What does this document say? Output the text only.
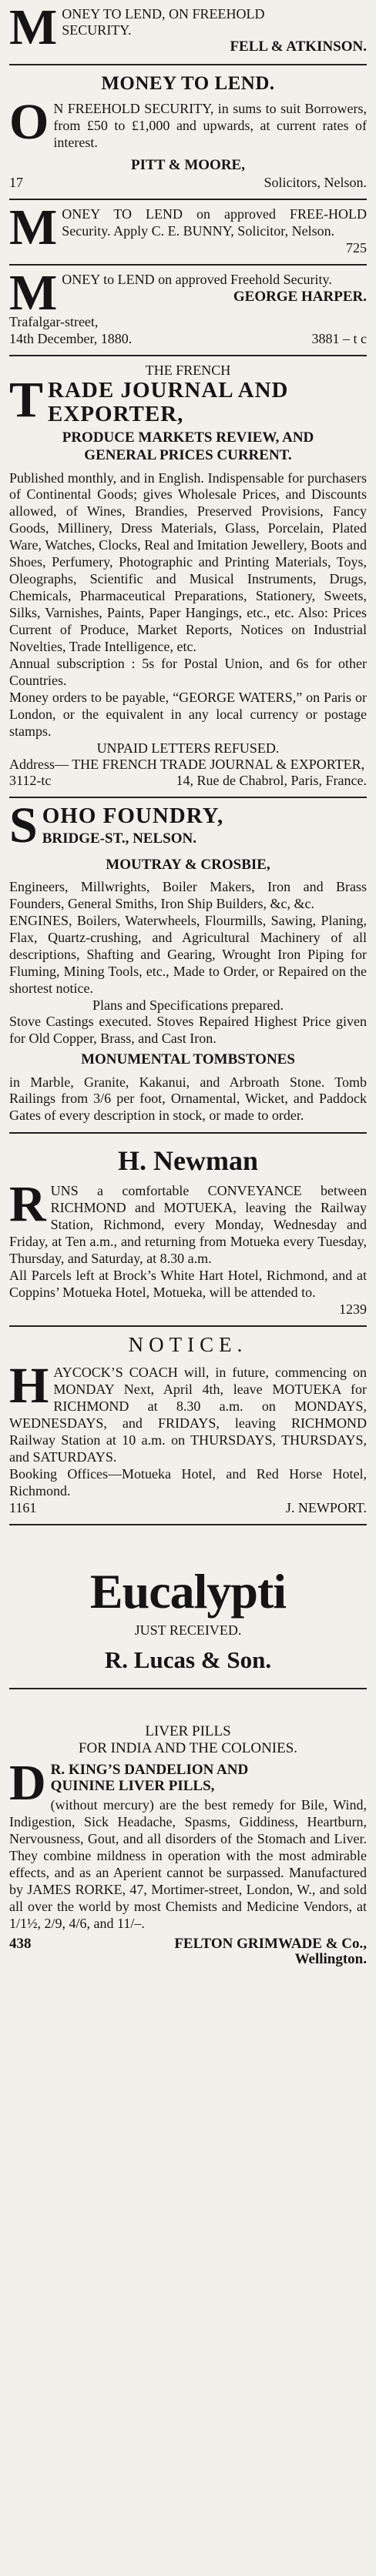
M ONEY TO LEND, ON FREEHOLD
SECURITY.
FELL & ATKINSON.
MONEY TO LEND.
O N FREEHOLD SECURITY, in sums to suit Borrowers, from £50 to £1,000 and upwards, at current rates of interest.
PITT & MOORE,
17	Solicitors, Nelson.
M ONEY TO LEND on approved FREE-HOLD Security. Apply C. E. BUNNY, Solicitor, Nelson.
725
M ONEY to LEND on approved Freehold Security.
GEORGE HARPER.
Trafalgar-street,
14th December, 1880.	3881 – t c
THE FRENCH
T RADE JOURNAL AND
EXPORTER,
PRODUCE MARKETS REVIEW, AND
GENERAL PRICES CURRENT.
Published monthly, and in English. Indispensable for purchasers of Continental Goods; gives Wholesale Prices, and Discounts allowed, of Wines, Brandies, Preserved Provisions, Fancy Goods, Millinery, Dress Materials, Glass, Porcelain, Plated Ware, Watches, Clocks, Real and Imitation Jewellery, Boots and Shoes, Perfumery, Photographic and Printing Materials, Toys, Oleographs, Scientific and Musical Instruments, Drugs, Chemicals, Pharmaceutical Preparations, Stationery, Sweets, Silks, Varnishes, Paints, Paper Hangings, etc., etc. Also: Prices Current of Produce, Market Reports, Notices on Industrial Novelties, Trade Intelligence, etc.
Annual subscription : 5s for Postal Union, and 6s for other Countries.
Money orders to be payable, “GEORGE WATERS,” on Paris or London, or the equivalent in any local currency or postage stamps.
UNPAID LETTERS REFUSED.
Address— THE FRENCH TRADE JOURNAL & EXPORTER,
3112-tc	14, Rue de Chabrol, Paris, France.
S OHO FOUNDRY,
BRIDGE-ST., NELSON.
MOUTRAY & CROSBIE,
Engineers, Millwrights, Boiler Makers, Iron and Brass Founders, General Smiths, Iron Ship Builders, &c, &c.
ENGINES, Boilers, Waterwheels, Flourmills, Sawing, Planing, Flax, Quartz-crushing, and Agricultural Machinery of all descriptions, Shafting and Gearing, Wrought Iron Piping for Fluming, Mining Tools, etc., Made to Order, or Repaired on the shortest notice.
Plans and Specifications prepared.
Stove Castings executed. Stoves Repaired Highest Price given for Old Copper, Brass, and Cast Iron.
MONUMENTAL TOMBSTONES
in Marble, Granite, Kakanui, and Arbroath Stone. Tomb Railings from 3/6 per foot, Ornamental, Wicket, and Paddock Gates of every description in stock, or made to order.
H. Newman
R UNS a comfortable CONVEYANCE between RICHMOND and MOTUEKA, leaving the Railway Station, Richmond, every Monday, Wednesday and Friday, at Ten a.m., and returning from Motueka every Tuesday, Thursday, and Saturday, at 8.30 a.m.
All Parcels left at Brock’s White Hart Hotel, Richmond, and at Coppins’ Motueka Hotel, Motueka, will be attended to.
1239
NOTICE.
H AYCOCK’S COACH will, in future, commencing on MONDAY Next, April 4th, leave MOTUEKA for RICHMOND at 8.30 a.m. on MONDAYS, WEDNESDAYS, and FRIDAYS, leaving RICHMOND Railway Station at 10 a.m. on THURSDAYS, THURSDAYS, and SATURDAYS.
Booking Offices—Motueka Hotel, and Red Horse Hotel, Richmond.
1161	J. NEWPORT.
Eucalypti
JUST RECEIVED.
R. Lucas & Son.
LIVER PILLS
FOR INDIA AND THE COLONIES.
D R. KING’S DANDELION AND
QUININE LIVER PILLS,
(without mercury) are the best remedy for Bile, Wind, Indigestion, Sick Headache, Spasms, Giddiness, Heartburn, Nervousness, Gout, and all disorders of the Stomach and Liver. They combine mildness in operation with the most admirable effects, and as an Aperient cannot be surpassed. Manufactured by JAMES RORKE, 47, Mortimer-street, London, W., and sold all over the world by most Chemists and Medicine Vendors, at 1/1½, 2/9, 4/6, and 11/–.
438	FELTON GRIMWADE & Co.,
Wellington.
